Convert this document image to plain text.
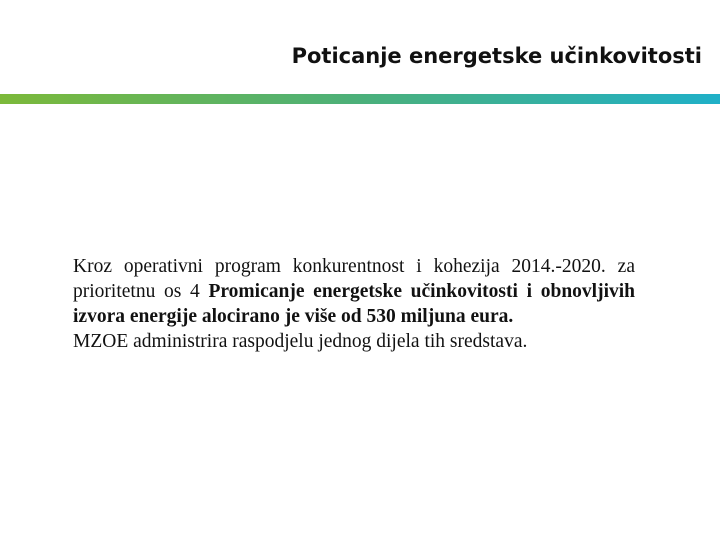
Poticanje energetske učinkovitosti

Kroz operativni program konkurentnost i kohezija 2014.-2020. za prioritetnu os 4 Promicanje energetske učinkovitosti i obnovljivih izvora energije alocirano je više od 530 miljuna eura.

MZOE administrira raspodjelu jednog dijela tih sredstava.
